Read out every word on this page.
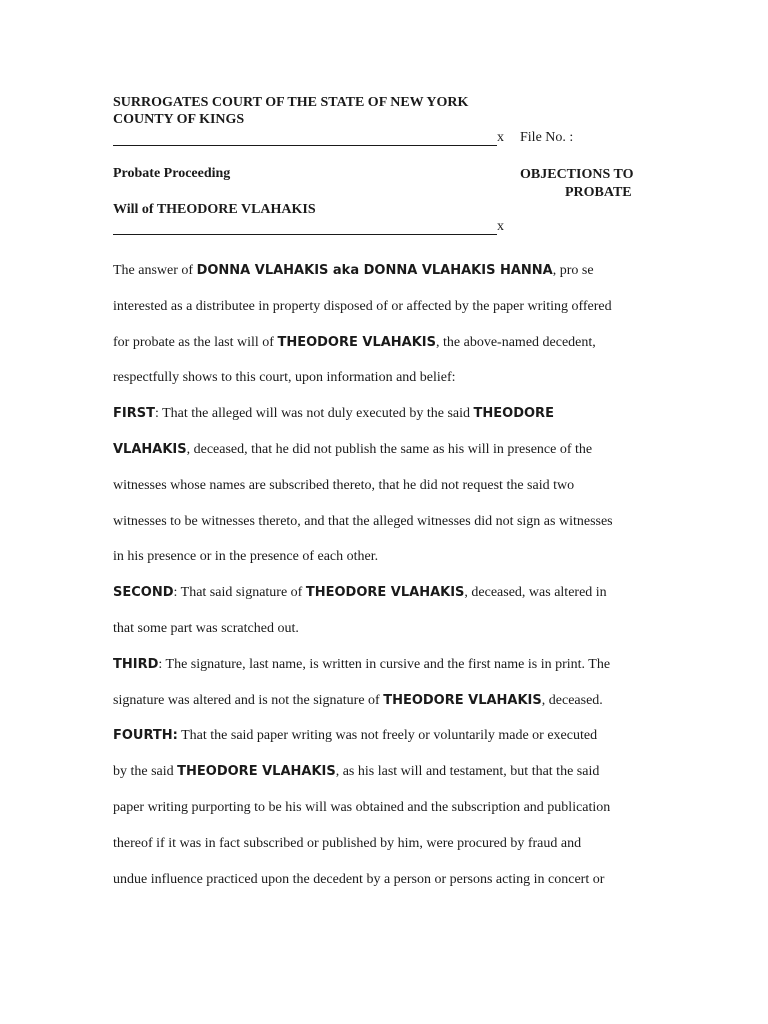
SURROGATES COURT OF THE STATE OF NEW YORK
COUNTY OF KINGS
x File No. :
Probate Proceeding	OBJECTIONS TO
PROBATE
Will of THEODORE VLAHAKIS
x

The answer of DONNA VLAHAKIS aka DONNA VLAHAKIS HANNA, pro se
interested as a distributee in property disposed of or affected by the paper writing offered
for probate as the last will of THEODORE VLAHAKIS, the above-named decedent,
respectfully shows to this court, upon information and belief:

FIRST: That the alleged will was not duly executed by the said THEODORE
VLAHAKIS, deceased, that he did not publish the same as his will in presence of the
witnesses whose names are subscribed thereto, that he did not request the said two
witnesses to be witnesses thereto, and that the alleged witnesses did not sign as witnesses
in his presence or in the presence of each other.

SECOND: That said signature of THEODORE VLAHAKIS, deceased, was altered in
that some part was scratched out.

THIRD: The signature, last name, is written in cursive and the first name is in print. The
signature was altered and is not the signature of THEODORE VLAHAKIS, deceased.

FOURTH: That the said paper writing was not freely or voluntarily made or executed
by the said THEODORE VLAHAKIS, as his last will and testament, but that the said
paper writing purporting to be his will was obtained and the subscription and publication
thereof if it was in fact subscribed or published by him, were procured by fraud and
undue influence practiced upon the decedent by a person or persons acting in concert or
